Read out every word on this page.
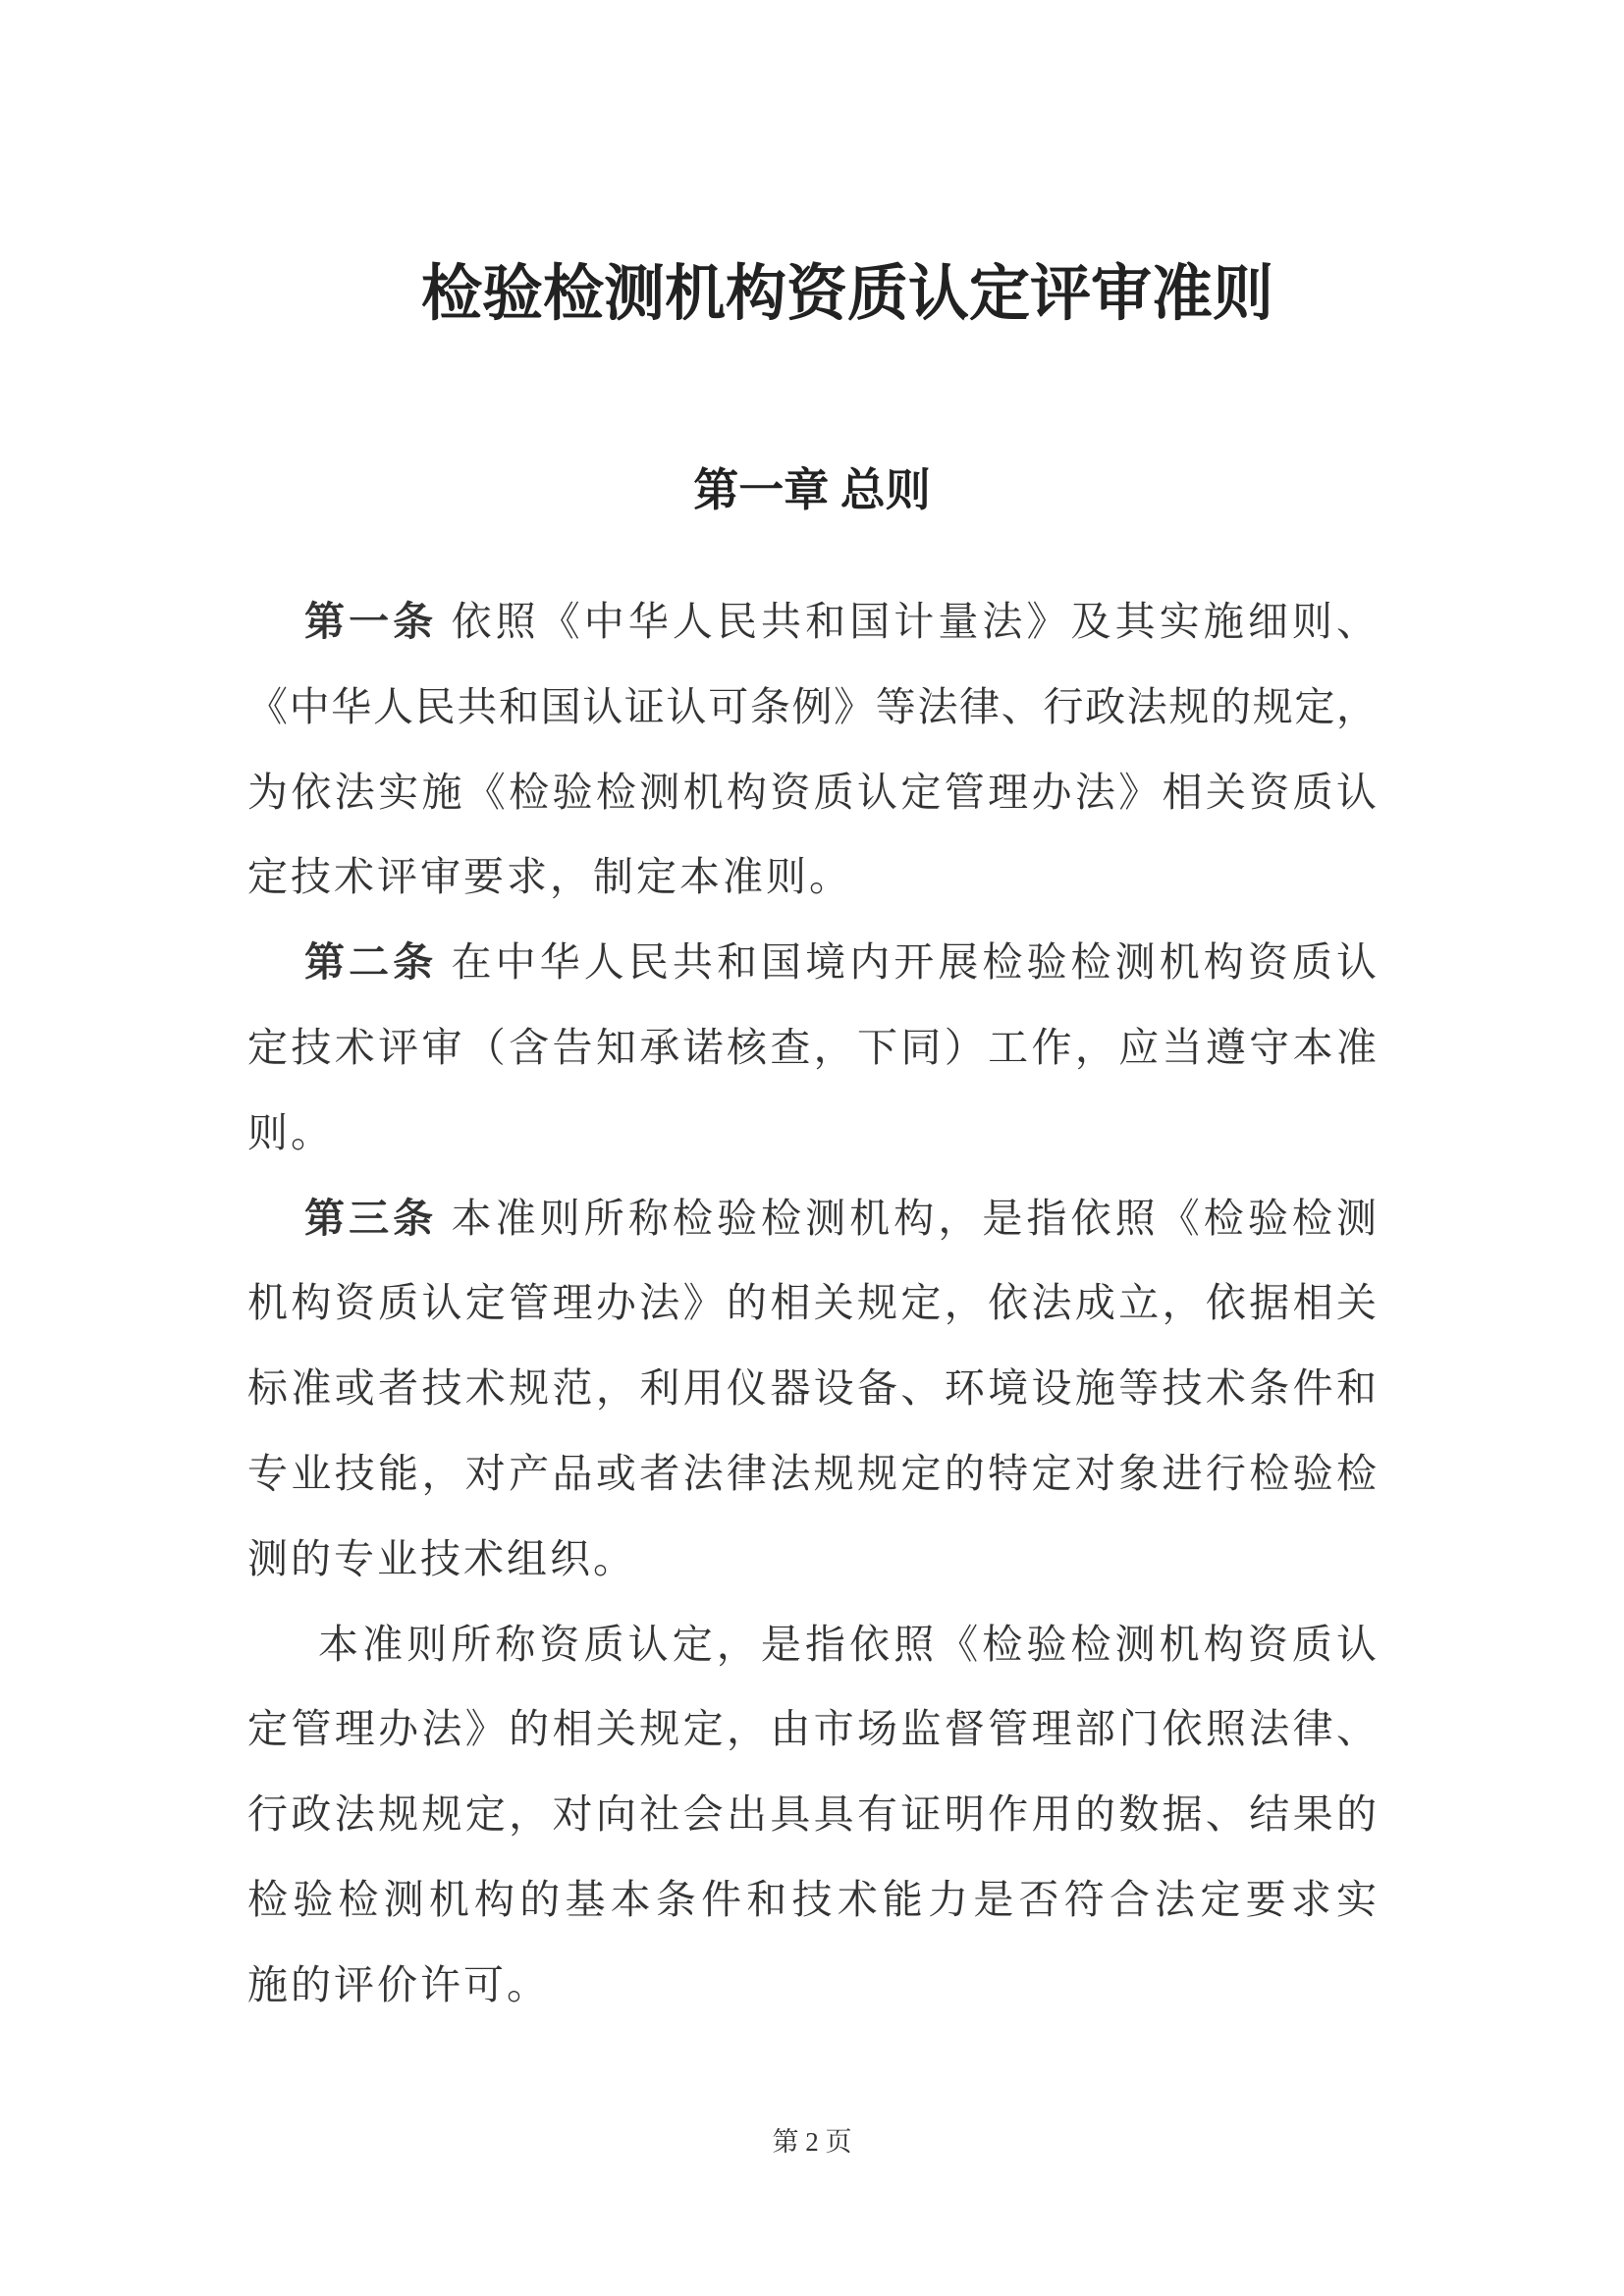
检验检测机构资质认定评审准则
第一章 总则
第一条 依照《中华人民共和国计量法》及其实施细则、
《中华人民共和国认证认可条例》等法律、行政法规的规定，
为依法实施《检验检测机构资质认定管理办法》相关资质认
定技术评审要求，制定本准则。
第二条 在中华人民共和国境内开展检验检测机构资质认
定技术评审（含告知承诺核查，下同）工作，应当遵守本准
则。
第三条 本准则所称检验检测机构，是指依照《检验检测
机构资质认定管理办法》的相关规定，依法成立，依据相关
标准或者技术规范，利用仪器设备、环境设施等技术条件和
专业技能，对产品或者法律法规规定的特定对象进行检验检
测的专业技术组织。
本准则所称资质认定，是指依照《检验检测机构资质认
定管理办法》的相关规定，由市场监督管理部门依照法律、
行政法规规定，对向社会出具具有证明作用的数据、结果的
检验检测机构的基本条件和技术能力是否符合法定要求实
施的评价许可。
第 2 页
